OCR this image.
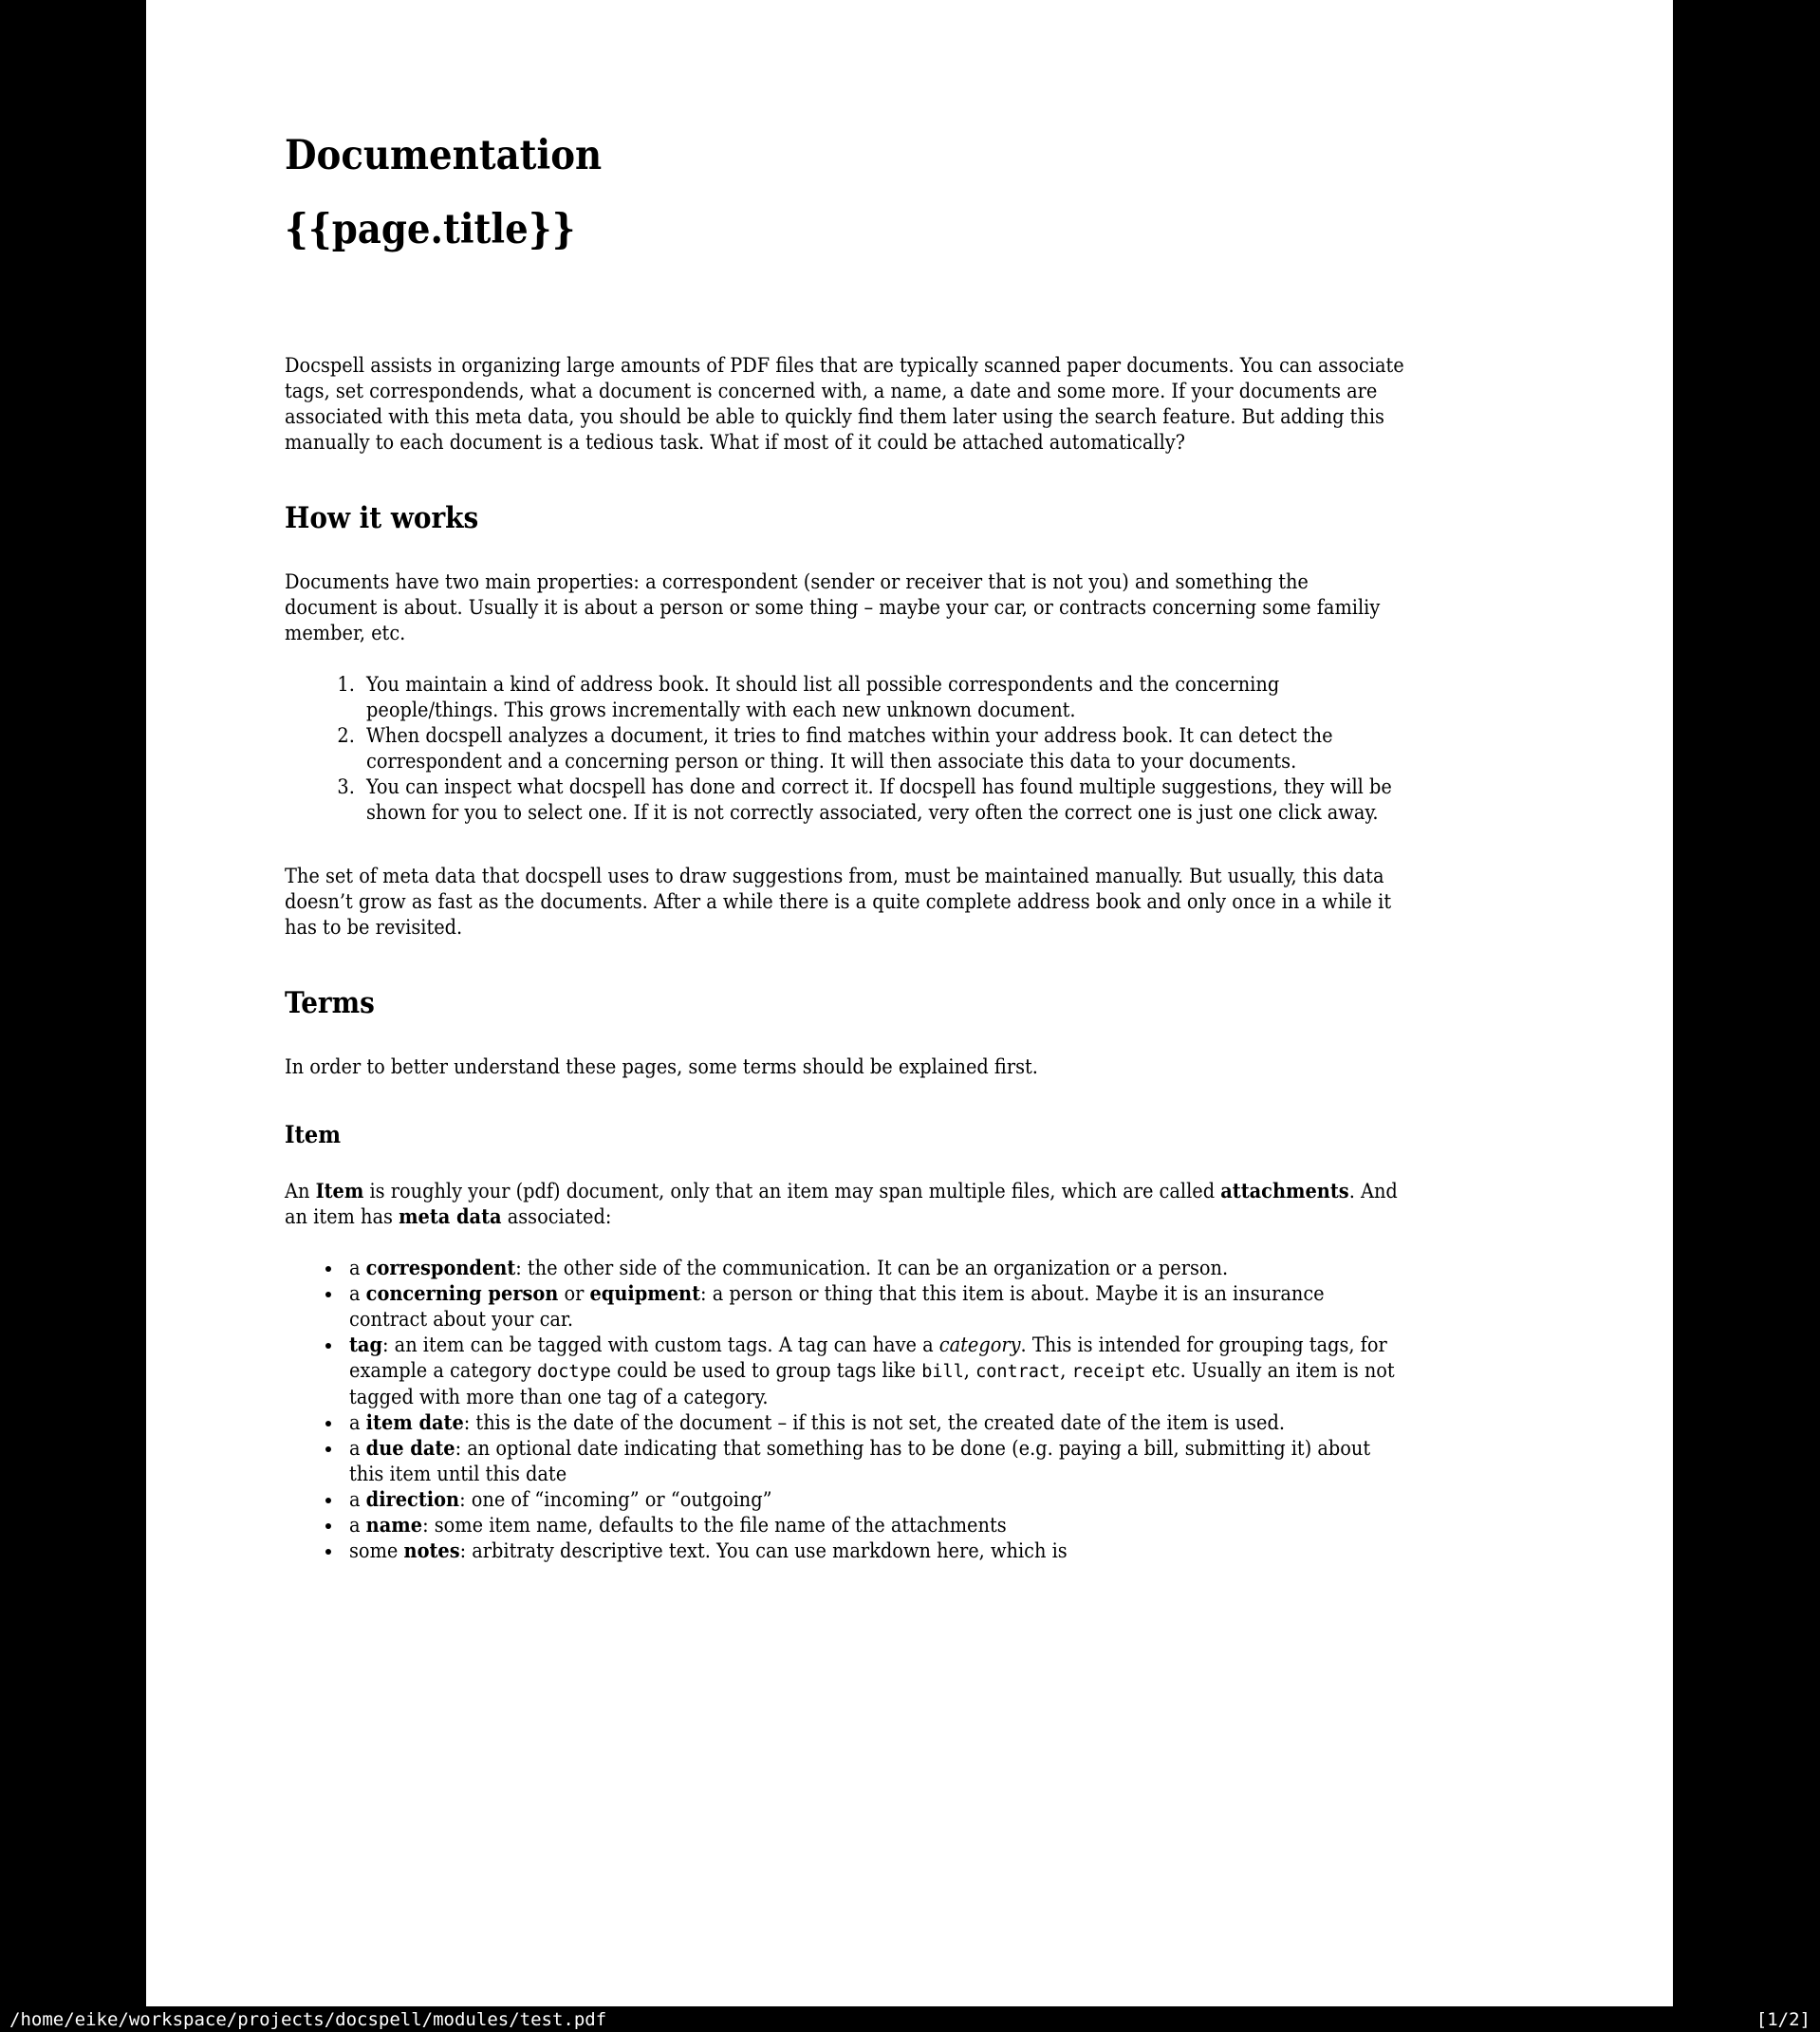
Documentation
{{page.title}}

Docspell assists in organizing large amounts of PDF files that are typically scanned paper documents. You can associate tags, set correspondends, what a document is concerned with, a name, a date and some more. If your documents are associated with this meta data, you should be able to quickly find them later using the search feature. But adding this manually to each document is a tedious task. What if most of it could be attached automatically?

How it works

Documents have two main properties: a correspondent (sender or receiver that is not you) and something the document is about. Usually it is about a person or some thing – maybe your car, or contracts concerning some familiy member, etc.

1. You maintain a kind of address book. It should list all possible correspondents and the concerning people/things. This grows incrementally with each new unknown document.
2. When docspell analyzes a document, it tries to find matches within your address book. It can detect the correspondent and a concerning person or thing. It will then associate this data to your documents.
3. You can inspect what docspell has done and correct it. If docspell has found multiple suggestions, they will be shown for you to select one. If it is not correctly associated, very often the correct one is just one click away.

The set of meta data that docspell uses to draw suggestions from, must be maintained manually. But usually, this data doesn’t grow as fast as the documents. After a while there is a quite complete address book and only once in a while it has to be revisited.

Terms

In order to better understand these pages, some terms should be explained first.

Item

An Item is roughly your (pdf) document, only that an item may span multiple files, which are called attachments. And an item has meta data associated:

• a correspondent: the other side of the communication. It can be an organization or a person.
• a concerning person or equipment: a person or thing that this item is about. Maybe it is an insurance contract about your car.
• tag: an item can be tagged with custom tags. A tag can have a category. This is intended for grouping tags, for example a category doctype could be used to group tags like bill, contract, receipt etc. Usually an item is not tagged with more than one tag of a category.
• a item date: this is the date of the document – if this is not set, the created date of the item is used.
• a due date: an optional date indicating that something has to be done (e.g. paying a bill, submitting it) about this item until this date
• a direction: one of “incoming” or “outgoing”
• a name: some item name, defaults to the file name of the attachments
• some notes: arbitraty descriptive text. You can use markdown here, which is
/home/eike/workspace/projects/docspell/modules/test.pdf	[1/2]
